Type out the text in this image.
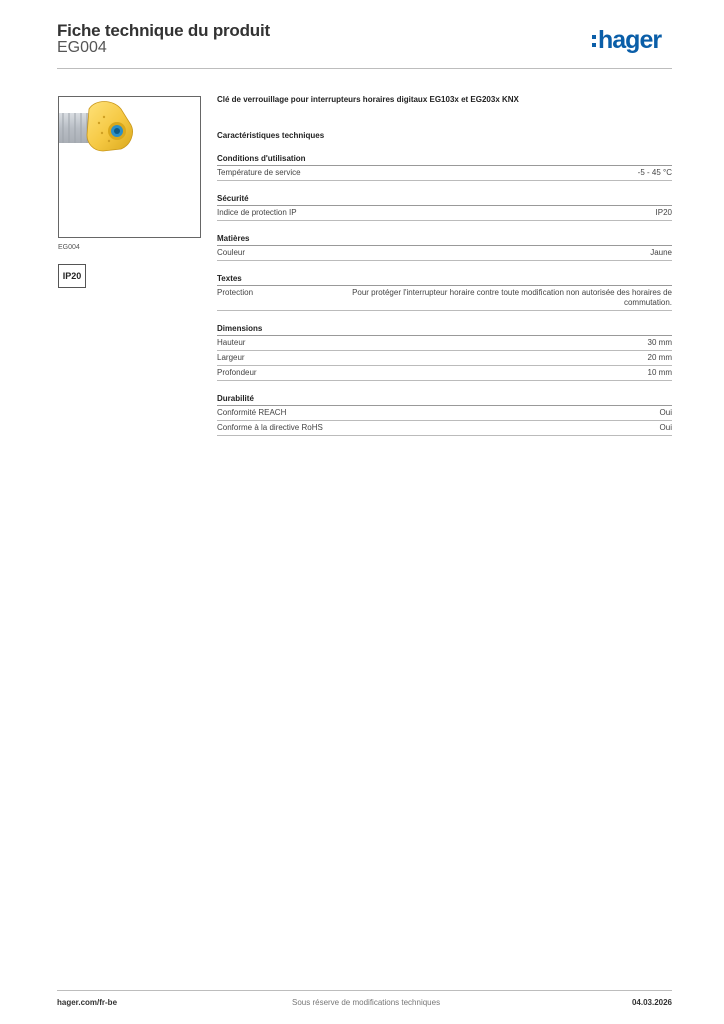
Fiche technique du produit
EG004	hager
EG004
IP20
Clé de verrouillage pour interrupteurs horaires digitaux EG103x et EG203x KNX
Caractéristiques techniques
Conditions d'utilisation
Température de service	-5 - 45 °C
Sécurité
Indice de protection IP	IP20
Matières
Couleur	Jaune
Textes
Protection	Pour protéger l'interrupteur horaire contre toute modification non autorisée des horaires de commutation.
Dimensions
Hauteur	30 mm
Largeur	20 mm
Profondeur	10 mm
Durabilité
Conformité REACH	Oui
Conforme à la directive RoHS	Oui
hager.com/fr-be	Sous réserve de modifications techniques	04.03.2026
